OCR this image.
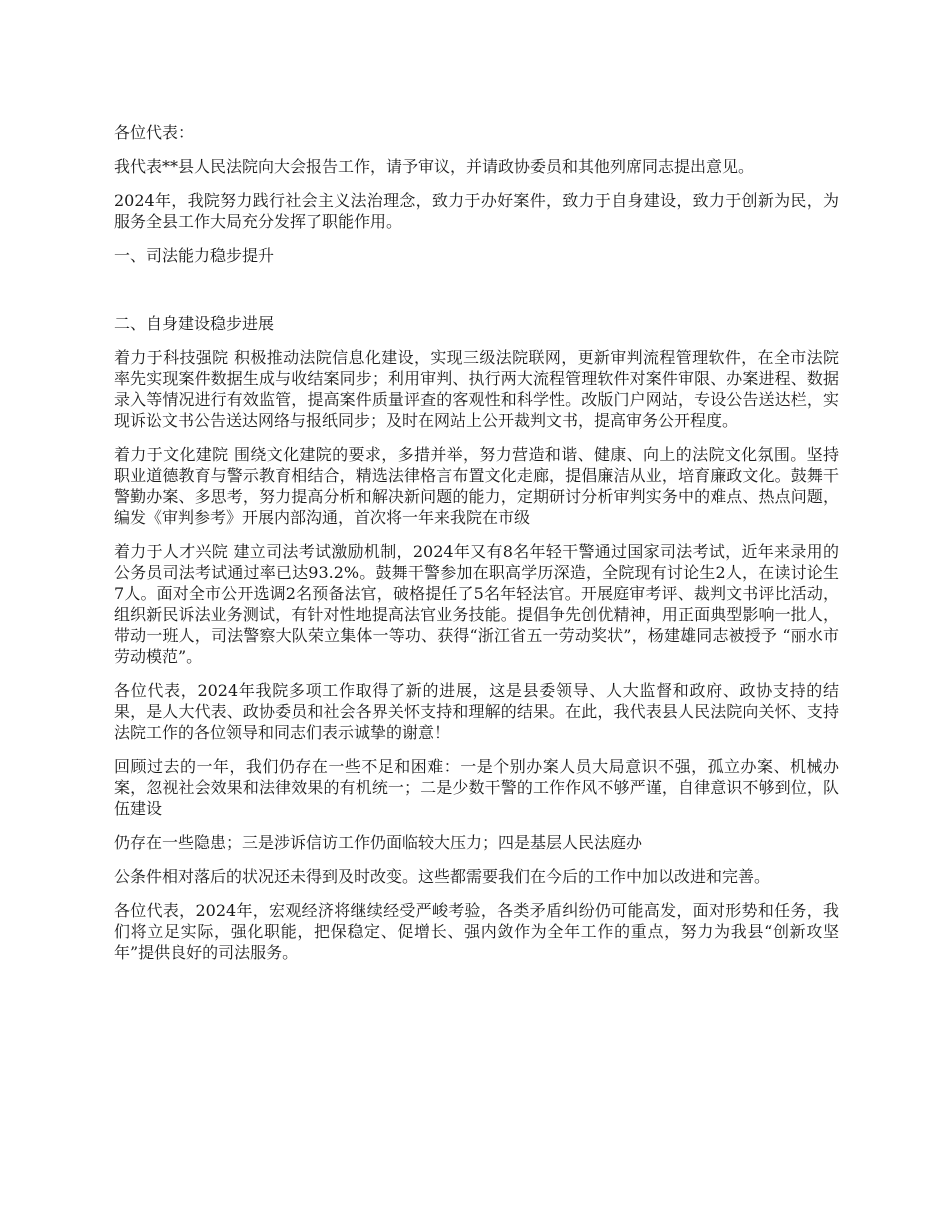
各位代表：

我代表**县人民法院向大会报告工作，请予审议，并请政协委员和其他列席同志提出意见。

2024年，我院努力践行社会主义法治理念，致力于办好案件，致力于自身建设，致力于创新为民，为服务全县工作大局充分发挥了职能作用。

一、司法能力稳步提升

二、自身建设稳步进展

着力于科技强院 积极推动法院信息化建设，实现三级法院联网，更新审判流程管理软件，在全市法院率先实现案件数据生成与收结案同步；利用审判、执行两大流程管理软件对案件审限、办案进程、数据录入等情况进行有效监管，提高案件质量评查的客观性和科学性。改版门户网站，专设公告送达栏，实现诉讼文书公告送达网络与报纸同步；及时在网站上公开裁判文书，提高审务公开程度。

着力于文化建院 围绕文化建院的要求，多措并举，努力营造和谐、健康、向上的法院文化氛围。坚持职业道德教育与警示教育相结合，精选法律格言布置文化走廊，提倡廉洁从业，培育廉政文化。鼓舞干警勤办案、多思考，努力提高分析和解决新问题的能力，定期研讨分析审判实务中的难点、热点问题，编发《审判参考》开展内部沟通，首次将一年来我院在市级

着力于人才兴院 建立司法考试激励机制，2024年又有8名年轻干警通过国家司法考试，近年来录用的公务员司法考试通过率已达93.2%。鼓舞干警参加在职高学历深造，全院现有讨论生2人，在读讨论生7人。面对全市公开选调2名预备法官，破格提任了5名年轻法官。开展庭审考评、裁判文书评比活动，组织新民诉法业务测试，有针对性地提高法官业务技能。提倡争先创优精神，用正面典型影响一批人，带动一班人，司法警察大队荣立集体一等功、获得“浙江省五一劳动奖状”，杨建雄同志被授予 “丽水市劳动模范”。

各位代表，2024年我院多项工作取得了新的进展，这是县委领导、人大监督和政府、政协支持的结果，是人大代表、政协委员和社会各界关怀支持和理解的结果。在此，我代表县人民法院向关怀、支持法院工作的各位领导和同志们表示诚挚的谢意！

回顾过去的一年，我们仍存在一些不足和困难：一是个别办案人员大局意识不强，孤立办案、机械办案，忽视社会效果和法律效果的有机统一；二是少数干警的工作作风不够严谨，自律意识不够到位，队伍建设

仍存在一些隐患；三是涉诉信访工作仍面临较大压力；四是基层人民法庭办

公条件相对落后的状况还未得到及时改变。这些都需要我们在今后的工作中加以改进和完善。

各位代表，2024年，宏观经济将继续经受严峻考验，各类矛盾纠纷仍可能高发，面对形势和任务，我们将立足实际，强化职能，把保稳定、促增长、强内敛作为全年工作的重点，努力为我县“创新攻坚年”提供良好的司法服务。
